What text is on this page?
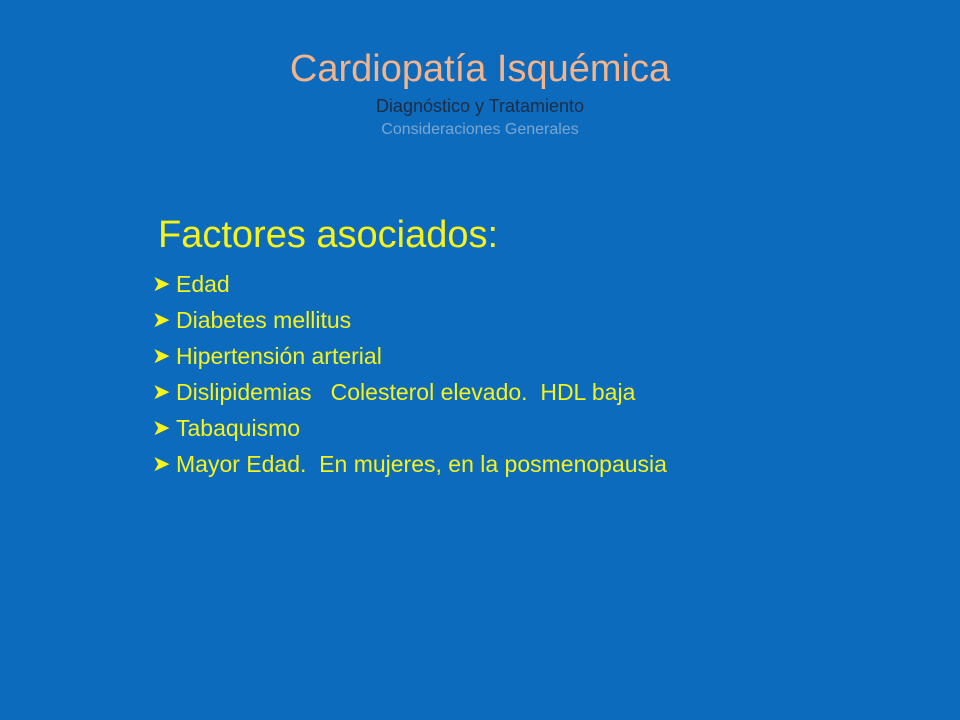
Cardiopatía Isquémica
Diagnóstico y Tratamiento
Consideraciones Generales
Factores asociados:
➤ Edad
➤ Diabetes mellitus
➤ Hipertensión arterial
➤ Dislipidemias   Colesterol elevado.  HDL baja
➤ Tabaquismo
➤ Mayor Edad.  En mujeres, en la posmenopausia
